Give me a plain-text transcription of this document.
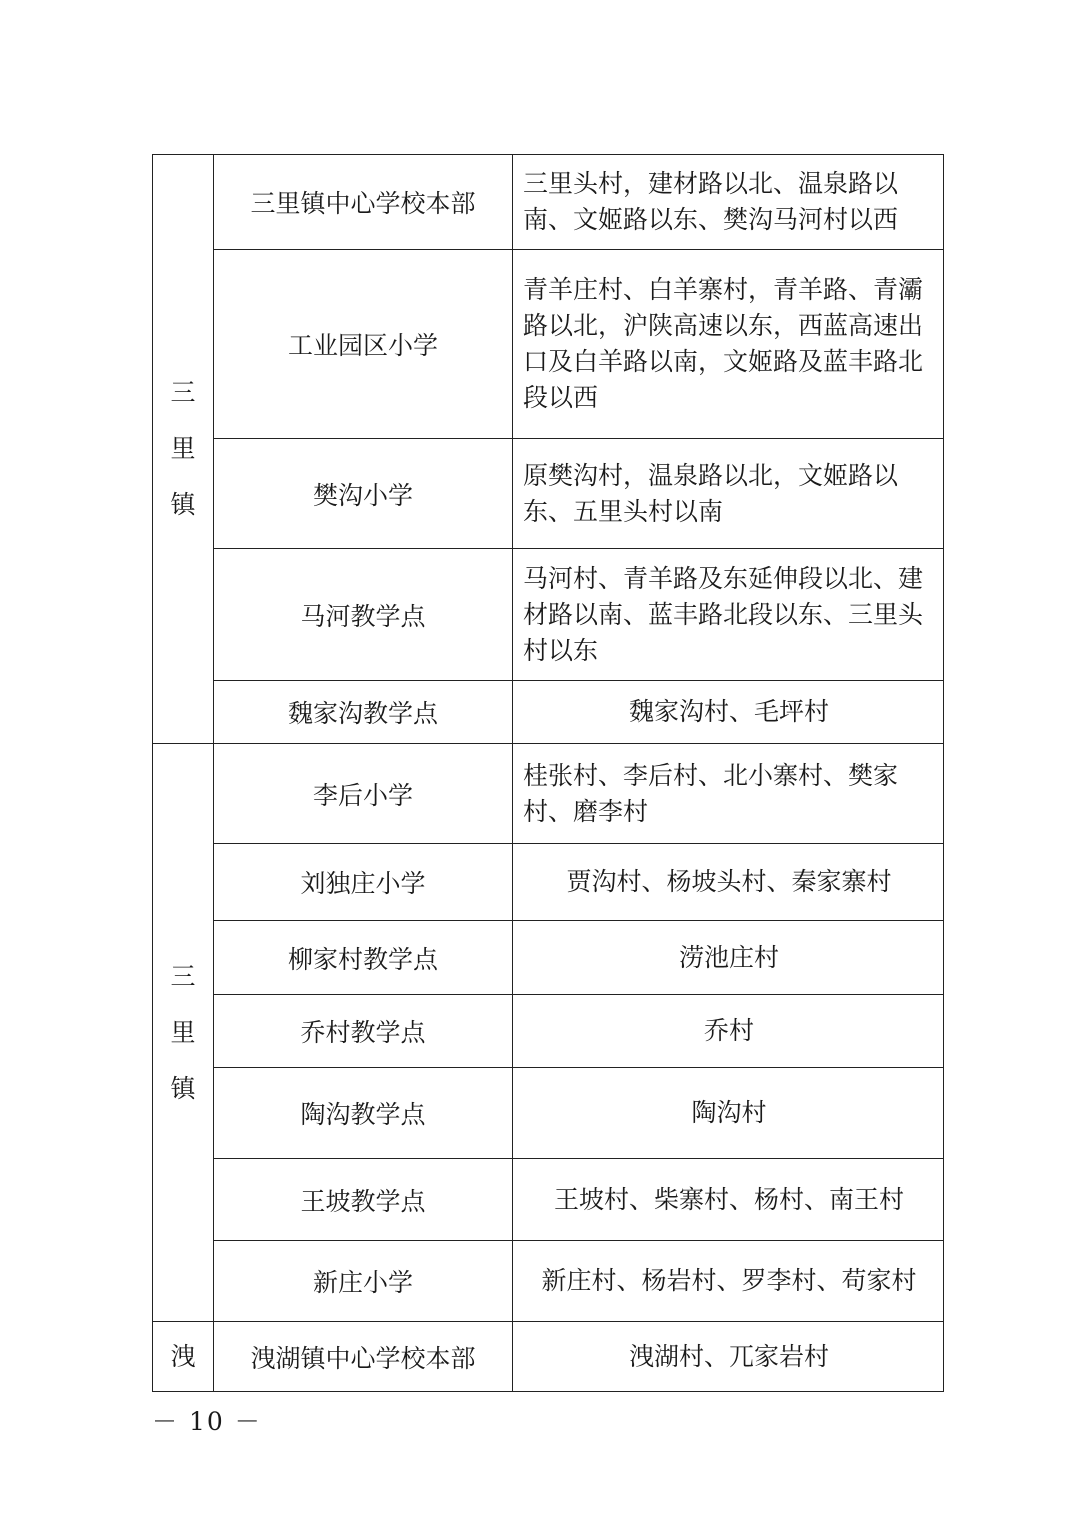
三
里
镇	三里镇中心学校本部	三里头村，建材路以北、温泉路以南、文姬路以东、樊沟马河村以西
	工业园区小学	青羊庄村、白羊寨村，青羊路、青灞路以北，沪陕高速以东，西蓝高速出口及白羊路以南，文姬路及蓝丰路北段以西
	樊沟小学	原樊沟村，温泉路以北，文姬路以东、五里头村以南
	马河教学点	马河村、青羊路及东延伸段以北、建材路以南、蓝丰路北段以东、三里头村以东
	魏家沟教学点	魏家沟村、毛坪村

三
里
镇	李后小学	桂张村、李后村、北小寨村、樊家村、磨李村
	刘独庄小学	贾沟村、杨坡头村、秦家寨村
	柳家村教学点	涝池庄村
	乔村教学点	乔村
	陶沟教学点	陶沟村
	王坡教学点	王坡村、柴寨村、杨村、南王村
	新庄小学	新庄村、杨岩村、罗李村、苟家村
洩	洩湖镇中心学校本部	洩湖村、兀家岩村
－ 10 －
